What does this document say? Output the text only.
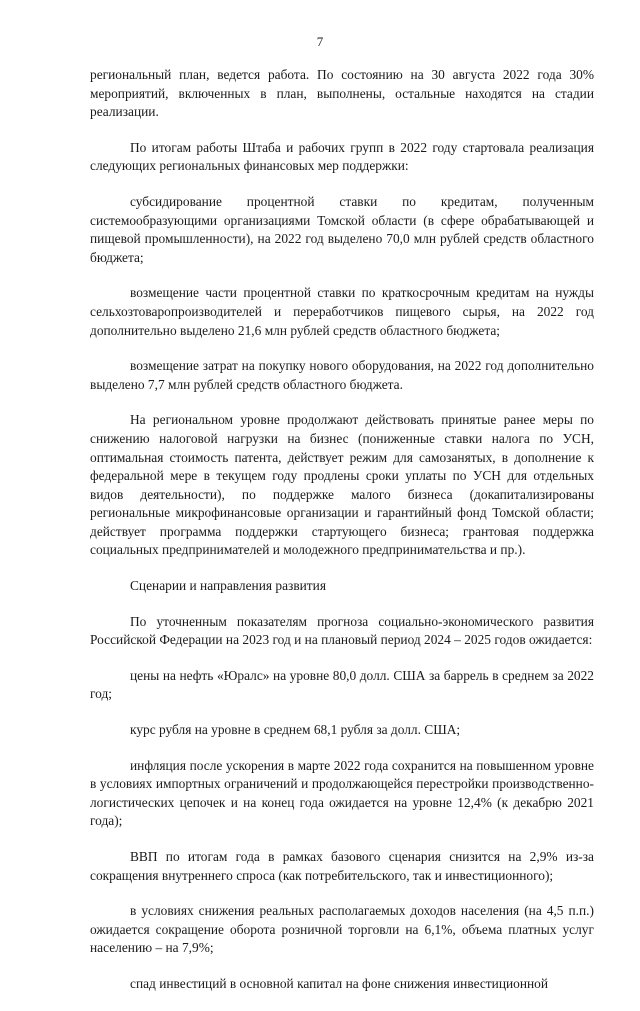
7

региональный план, ведется работа. По состоянию на 30 августа 2022 года 30% мероприятий, включенных в план, выполнены, остальные находятся на стадии реализации.

По итогам работы Штаба и рабочих групп в 2022 году стартовала реализация следующих региональных финансовых мер поддержки:

субсидирование процентной ставки по кредитам, полученным системообразующими организациями Томской области (в сфере обрабатывающей и пищевой промышленности), на 2022 год выделено 70,0 млн рублей средств областного бюджета;

возмещение части процентной ставки по краткосрочным кредитам на нужды сельхозтоваропроизводителей и переработчиков пищевого сырья, на 2022 год дополнительно выделено 21,6 млн рублей средств областного бюджета;

возмещение затрат на покупку нового оборудования, на 2022 год дополнительно выделено 7,7 млн рублей средств областного бюджета.

На региональном уровне продолжают действовать принятые ранее меры по снижению налоговой нагрузки на бизнес (пониженные ставки налога по УСН, оптимальная стоимость патента, действует режим для самозанятых, в дополнение к федеральной мере в текущем году продлены сроки уплаты по УСН для отдельных видов деятельности), по поддержке малого бизнеса (докапитализированы региональные микрофинансовые организации и гарантийный фонд Томской области; действует программа поддержки стартующего бизнеса; грантовая поддержка социальных предпринимателей и молодежного предпринимательства и пр.).

Сценарии и направления развития

По уточненным показателям прогноза социально-экономического развития Российской Федерации на 2023 год и на плановый период 2024 – 2025 годов ожидается:

цены на нефть «Юралс» на уровне 80,0 долл. США за баррель в среднем за 2022 год;

курс рубля на уровне в среднем 68,1 рубля за долл. США;

инфляция после ускорения в марте 2022 года сохранится на повышенном уровне в условиях импортных ограничений и продолжающейся перестройки производственно-логистических цепочек и на конец года ожидается на уровне 12,4% (к декабрю 2021 года);

ВВП по итогам года в рамках базового сценария снизится на 2,9% из-за сокращения внутреннего спроса (как потребительского, так и инвестиционного);

в условиях снижения реальных располагаемых доходов населения (на 4,5 п.п.) ожидается сокращение оборота розничной торговли на 6,1%, объема платных услуг населению – на 7,9%;

спад инвестиций в основной капитал на фоне снижения инвестиционной
